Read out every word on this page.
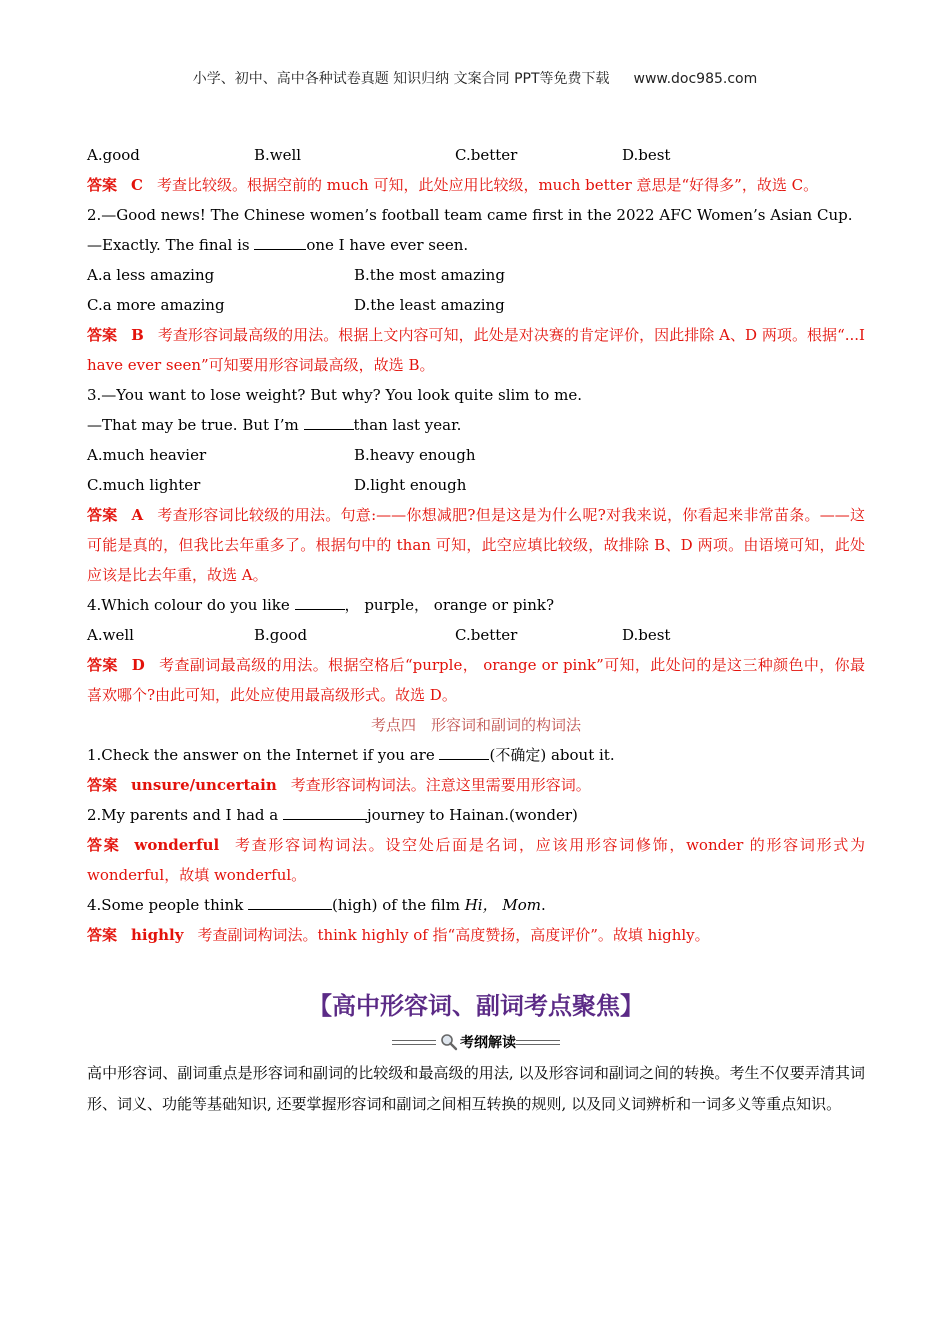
小学、初中、高中各种试卷真题 知识归纳 文案合同 PPT等免费下载 www.doc985.com
A.good	B.well	C.better	D.best
答案 C 考查比较级。根据空前的 much 可知，此处应用比较级，much better 意思是“好得多”，故选 C。
2.—Good news! The Chinese women’s football team came first in the 2022 AFC Women’s Asian Cup.
—Exactly. The final is	one I have ever seen.
A.a less amazing	B.the most amazing
C.a more amazing	D.the least amazing
答案 B 考查形容词最高级的用法。根据上文内容可知，此处是对决赛的肯定评价，因此排除 A、D 两项。根据“...I have ever seen”可知要用形容词最高级，故选 B。
3.—You want to lose weight? But why? You look quite slim to me.
—That may be true. But I’m	than last year.
A.much heavier	B.heavy enough
C.much lighter	D.light enough
答案 A 考查形容词比较级的用法。句意:——你想减肥?但是这是为什么呢?对我来说，你看起来非常苗条。——这可能是真的，但我比去年重多了。根据句中的 than 可知，此空应填比较级，故排除 B、D 两项。由语境可知，此处应该是比去年重，故选 A。
4.Which colour do you like	， purple， orange or pink?
A.well	B.good	C.better	D.best
答案 D 考查副词最高级的用法。根据空格后“purple， orange or pink”可知，此处问的是这三种颜色中，你最喜欢哪个?由此可知，此处应使用最高级形式。故选 D。
考点四　形容词和副词的构词法
1.Check the answer on the Internet if you are	(不确定) about it.
答案 unsure/uncertain 考查形容词构词法。注意这里需要用形容词。
2.My parents and I had a	journey to Hainan.(wonder)
答案 wonderful 考查形容词构词法。设空处后面是名词，应该用形容词修饰，wonder 的形容词形式为 wonderful，故填 wonderful。
4.Some people think	(high) of the film Hi， Mom.
答案 highly 考查副词构词法。think highly of 指“高度赞扬，高度评价”。故填 highly。
【高中形容词、副词考点聚焦】
考纲解读
高中形容词、副词重点是形容词和副词的比较级和最高级的用法, 以及形容词和副词之间的转换。考生不仅要弄清其词形、词义、功能等基础知识, 还要掌握形容词和副词之间相互转换的规则, 以及同义词辨析和一词多义等重点知识。
